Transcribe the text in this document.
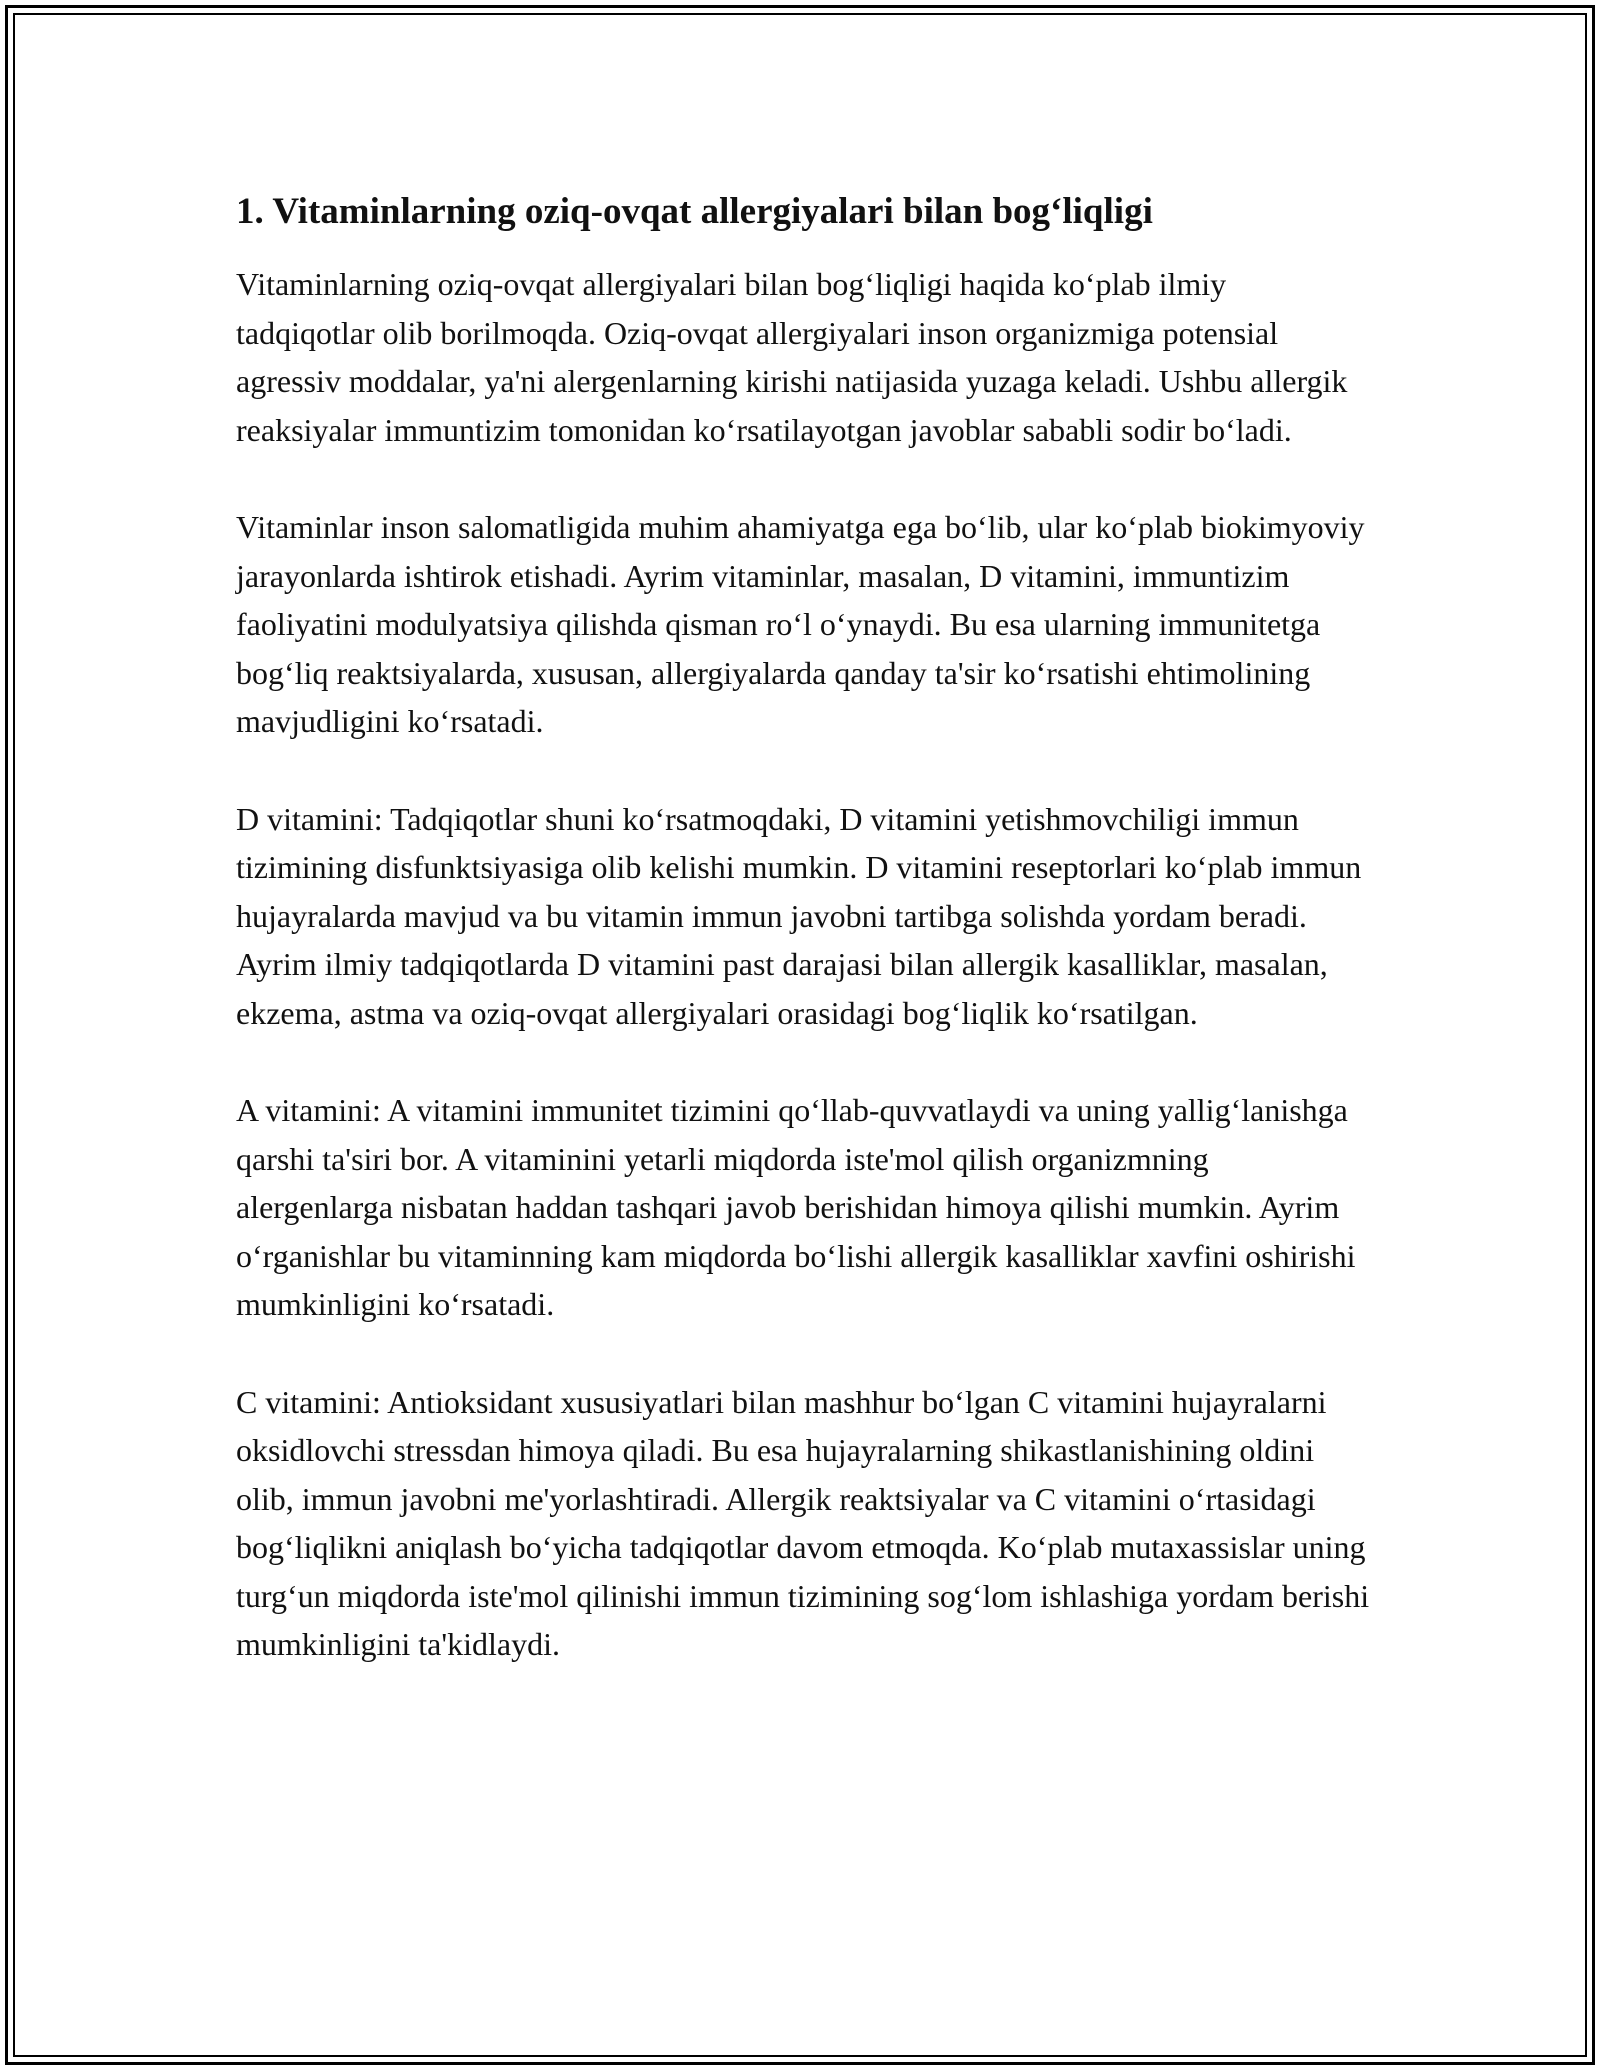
1. Vitaminlarning oziq-ovqat allergiyalari bilan bog‘liqligi

Vitaminlarning oziq-ovqat allergiyalari bilan bog‘liqligi haqida ko‘plab ilmiy tadqiqotlar olib borilmoqda. Oziq-ovqat allergiyalari inson organizmiga potensial agressiv moddalar, ya'ni alergenlarning kirishi natijasida yuzaga keladi. Ushbu allergik reaksiyalar immuntizim tomonidan ko‘rsatilayotgan javoblar sababli sodir bo‘ladi.

Vitaminlar inson salomatligida muhim ahamiyatga ega bo‘lib, ular ko‘plab biokimyoviy jarayonlarda ishtirok etishadi. Ayrim vitaminlar, masalan, D vitamini, immuntizim faoliyatini modulyatsiya qilishda qisman ro‘l o‘ynaydi. Bu esa ularning immunitetga bog‘liq reaktsiyalarda, xususan, allergiyalarda qanday ta'sir ko‘rsatishi ehtimolining mavjudligini ko‘rsatadi.

D vitamini: Tadqiqotlar shuni ko‘rsatmoqdaki, D vitamini yetishmovchiligi immun tizimining disfunktsiyasiga olib kelishi mumkin. D vitamini reseptorlari ko‘plab immun hujayralarda mavjud va bu vitamin immun javobni tartibga solishda yordam beradi. Ayrim ilmiy tadqiqotlarda D vitamini past darajasi bilan allergik kasalliklar, masalan, ekzema, astma va oziq-ovqat allergiyalari orasidagi bog‘liqlik ko‘rsatilgan.

A vitamini: A vitamini immunitet tizimini qo‘llab-quvvatlaydi va uning yallig‘lanishga qarshi ta'siri bor. A vitaminini yetarli miqdorda iste'mol qilish organizmning alergenlarga nisbatan haddan tashqari javob berishidan himoya qilishi mumkin. Ayrim o‘rganishlar bu vitaminning kam miqdorda bo‘lishi allergik kasalliklar xavfini oshirishi mumkinligini ko‘rsatadi.

C vitamini: Antioksidant xususiyatlari bilan mashhur bo‘lgan C vitamini hujayralarni oksidlovchi stressdan himoya qiladi. Bu esa hujayralarning shikastlanishining oldini olib, immun javobni me'yorlashtiradi. Allergik reaktsiyalar va C vitamini o‘rtasidagi bog‘liqlikni aniqlash bo‘yicha tadqiqotlar davom etmoqda. Ko‘plab mutaxassislar uning turg‘un miqdorda iste'mol qilinishi immun tizimining sog‘lom ishlashiga yordam berishi mumkinligini ta'kidlaydi.
